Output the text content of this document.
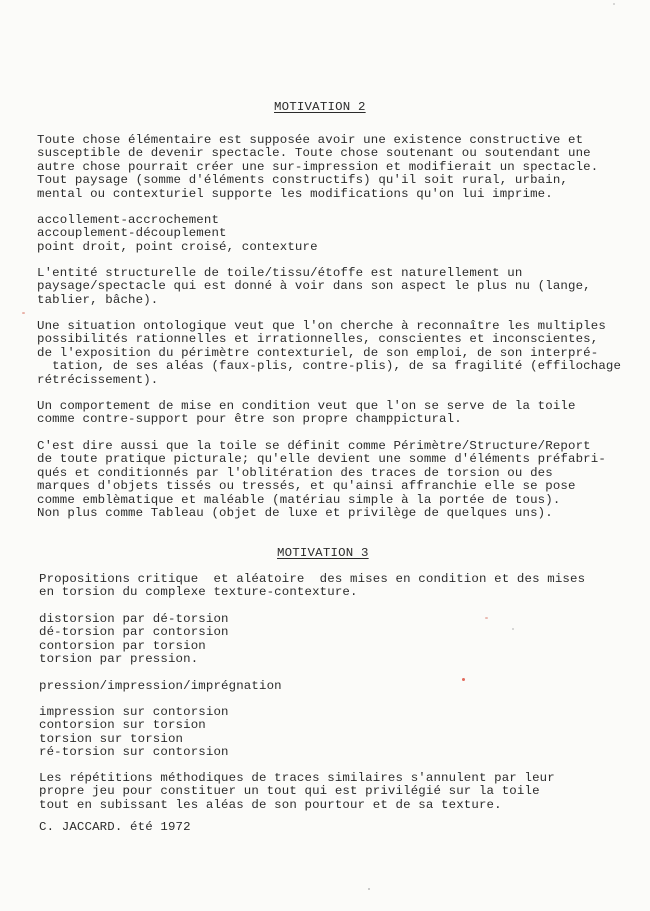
MOTIVATION 2
Toute chose élémentaire est supposée avoir une existence constructive et
susceptible de devenir spectacle. Toute chose soutenant ou soutendant une
autre chose pourrait créer une sur-impression et modifierait un spectacle.
Tout paysage (somme d'éléments constructifs) qu'il soit rural, urbain,
mental ou contexturiel supporte les modifications qu'on lui imprime.
accollement-accrochement
accouplement-découplement
point droit, point croisé, contexture
L'entité structurelle de toile/tissu/étoffe est naturellement un
paysage/spectacle qui est donné à voir dans son aspect le plus nu (lange,
tablier, bâche).
Une situation ontologique veut que l'on cherche à reconnaître les multiples
possibilités rationnelles et irrationnelles, conscientes et inconscientes,
de l'exposition du périmètre contexturiel, de son emploi, de son interpré-
tation, de ses aléas (faux-plis, contre-plis), de sa fragilité (effilochage
rétrécissement).
Un comportement de mise en condition veut que l'on se serve de la toile
comme contre-support pour être son propre champpictural.
C'est dire aussi que la toile se définit comme Périmètre/Structure/Report
de toute pratique picturale; qu'elle devient une somme d'éléments préfabri-
qués et conditionnés par l'oblitération des traces de torsion ou des
marques d'objets tissés ou tressés, et qu'ainsi affranchie elle se pose
comme emblèmatique et maléable (matériau simple à la portée de tous).
Non plus comme Tableau (objet de luxe et privilège de quelques uns).
MOTIVATION 3
Propositions critique  et aléatoire  des mises en condition et des mises
en torsion du complexe texture-contexture.
distorsion par dé-torsion
dé-torsion par contorsion
contorsion par torsion
torsion par pression.
pression/impression/imprégnation
impression sur contorsion
contorsion sur torsion
torsion sur torsion
ré-torsion sur contorsion
Les répétitions méthodiques de traces similaires s'annulent par leur
propre jeu pour constituer un tout qui est privilégié sur la toile
tout en subissant les aléas de son pourtour et de sa texture.
C. JACCARD. été 1972
